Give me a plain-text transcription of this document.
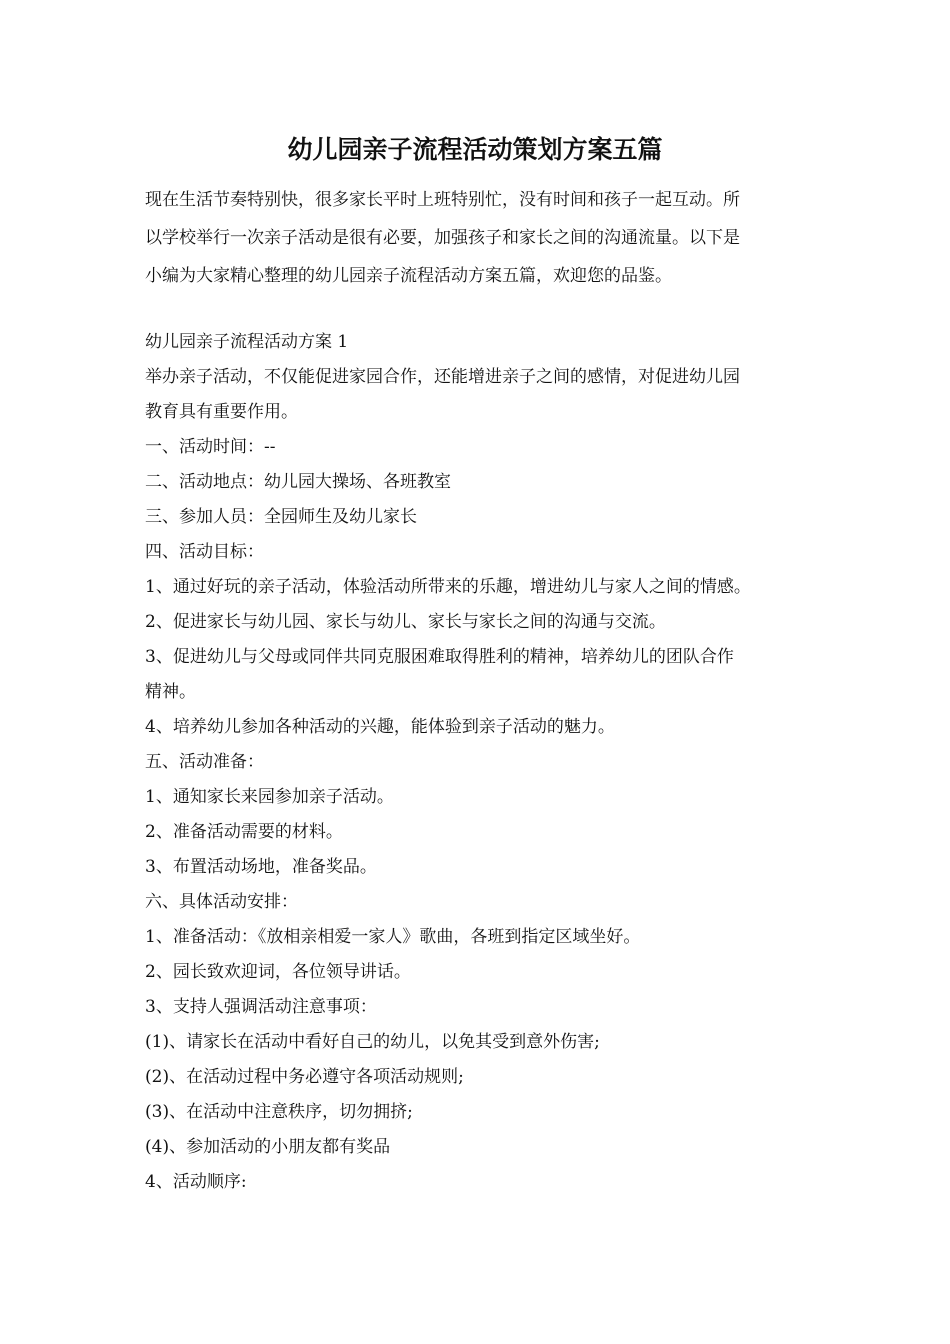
幼儿园亲子流程活动策划方案五篇
现在生活节奏特别快，很多家长平时上班特别忙，没有时间和孩子一起互动。所
以学校举行一次亲子活动是很有必要，加强孩子和家长之间的沟通流量。以下是
小编为大家精心整理的幼儿园亲子流程活动方案五篇，欢迎您的品鉴。
幼儿园亲子流程活动方案 1
举办亲子活动，不仅能促进家园合作，还能增进亲子之间的感情，对促进幼儿园
教育具有重要作用。
一、活动时间：--
二、活动地点：幼儿园大操场、各班教室
三、参加人员：全园师生及幼儿家长
四、活动目标：
1、通过好玩的亲子活动，体验活动所带来的乐趣，增进幼儿与家人之间的情感。
2、促进家长与幼儿园、家长与幼儿、家长与家长之间的沟通与交流。
3、促进幼儿与父母或同伴共同克服困难取得胜利的精神，培养幼儿的团队合作
精神。
4、培养幼儿参加各种活动的兴趣，能体验到亲子活动的魅力。
五、活动准备：
1、通知家长来园参加亲子活动。
2、准备活动需要的材料。
3、布置活动场地，准备奖品。
六、具体活动安排：
1、准备活动：《放相亲相爱一家人》歌曲，各班到指定区域坐好。
2、园长致欢迎词，各位领导讲话。
3、支持人强调活动注意事项：
(1)、请家长在活动中看好自己的幼儿，以免其受到意外伤害;
(2)、在活动过程中务必遵守各项活动规则;
(3)、在活动中注意秩序，切勿拥挤;
(4)、参加活动的小朋友都有奖品
4、活动顺序:
